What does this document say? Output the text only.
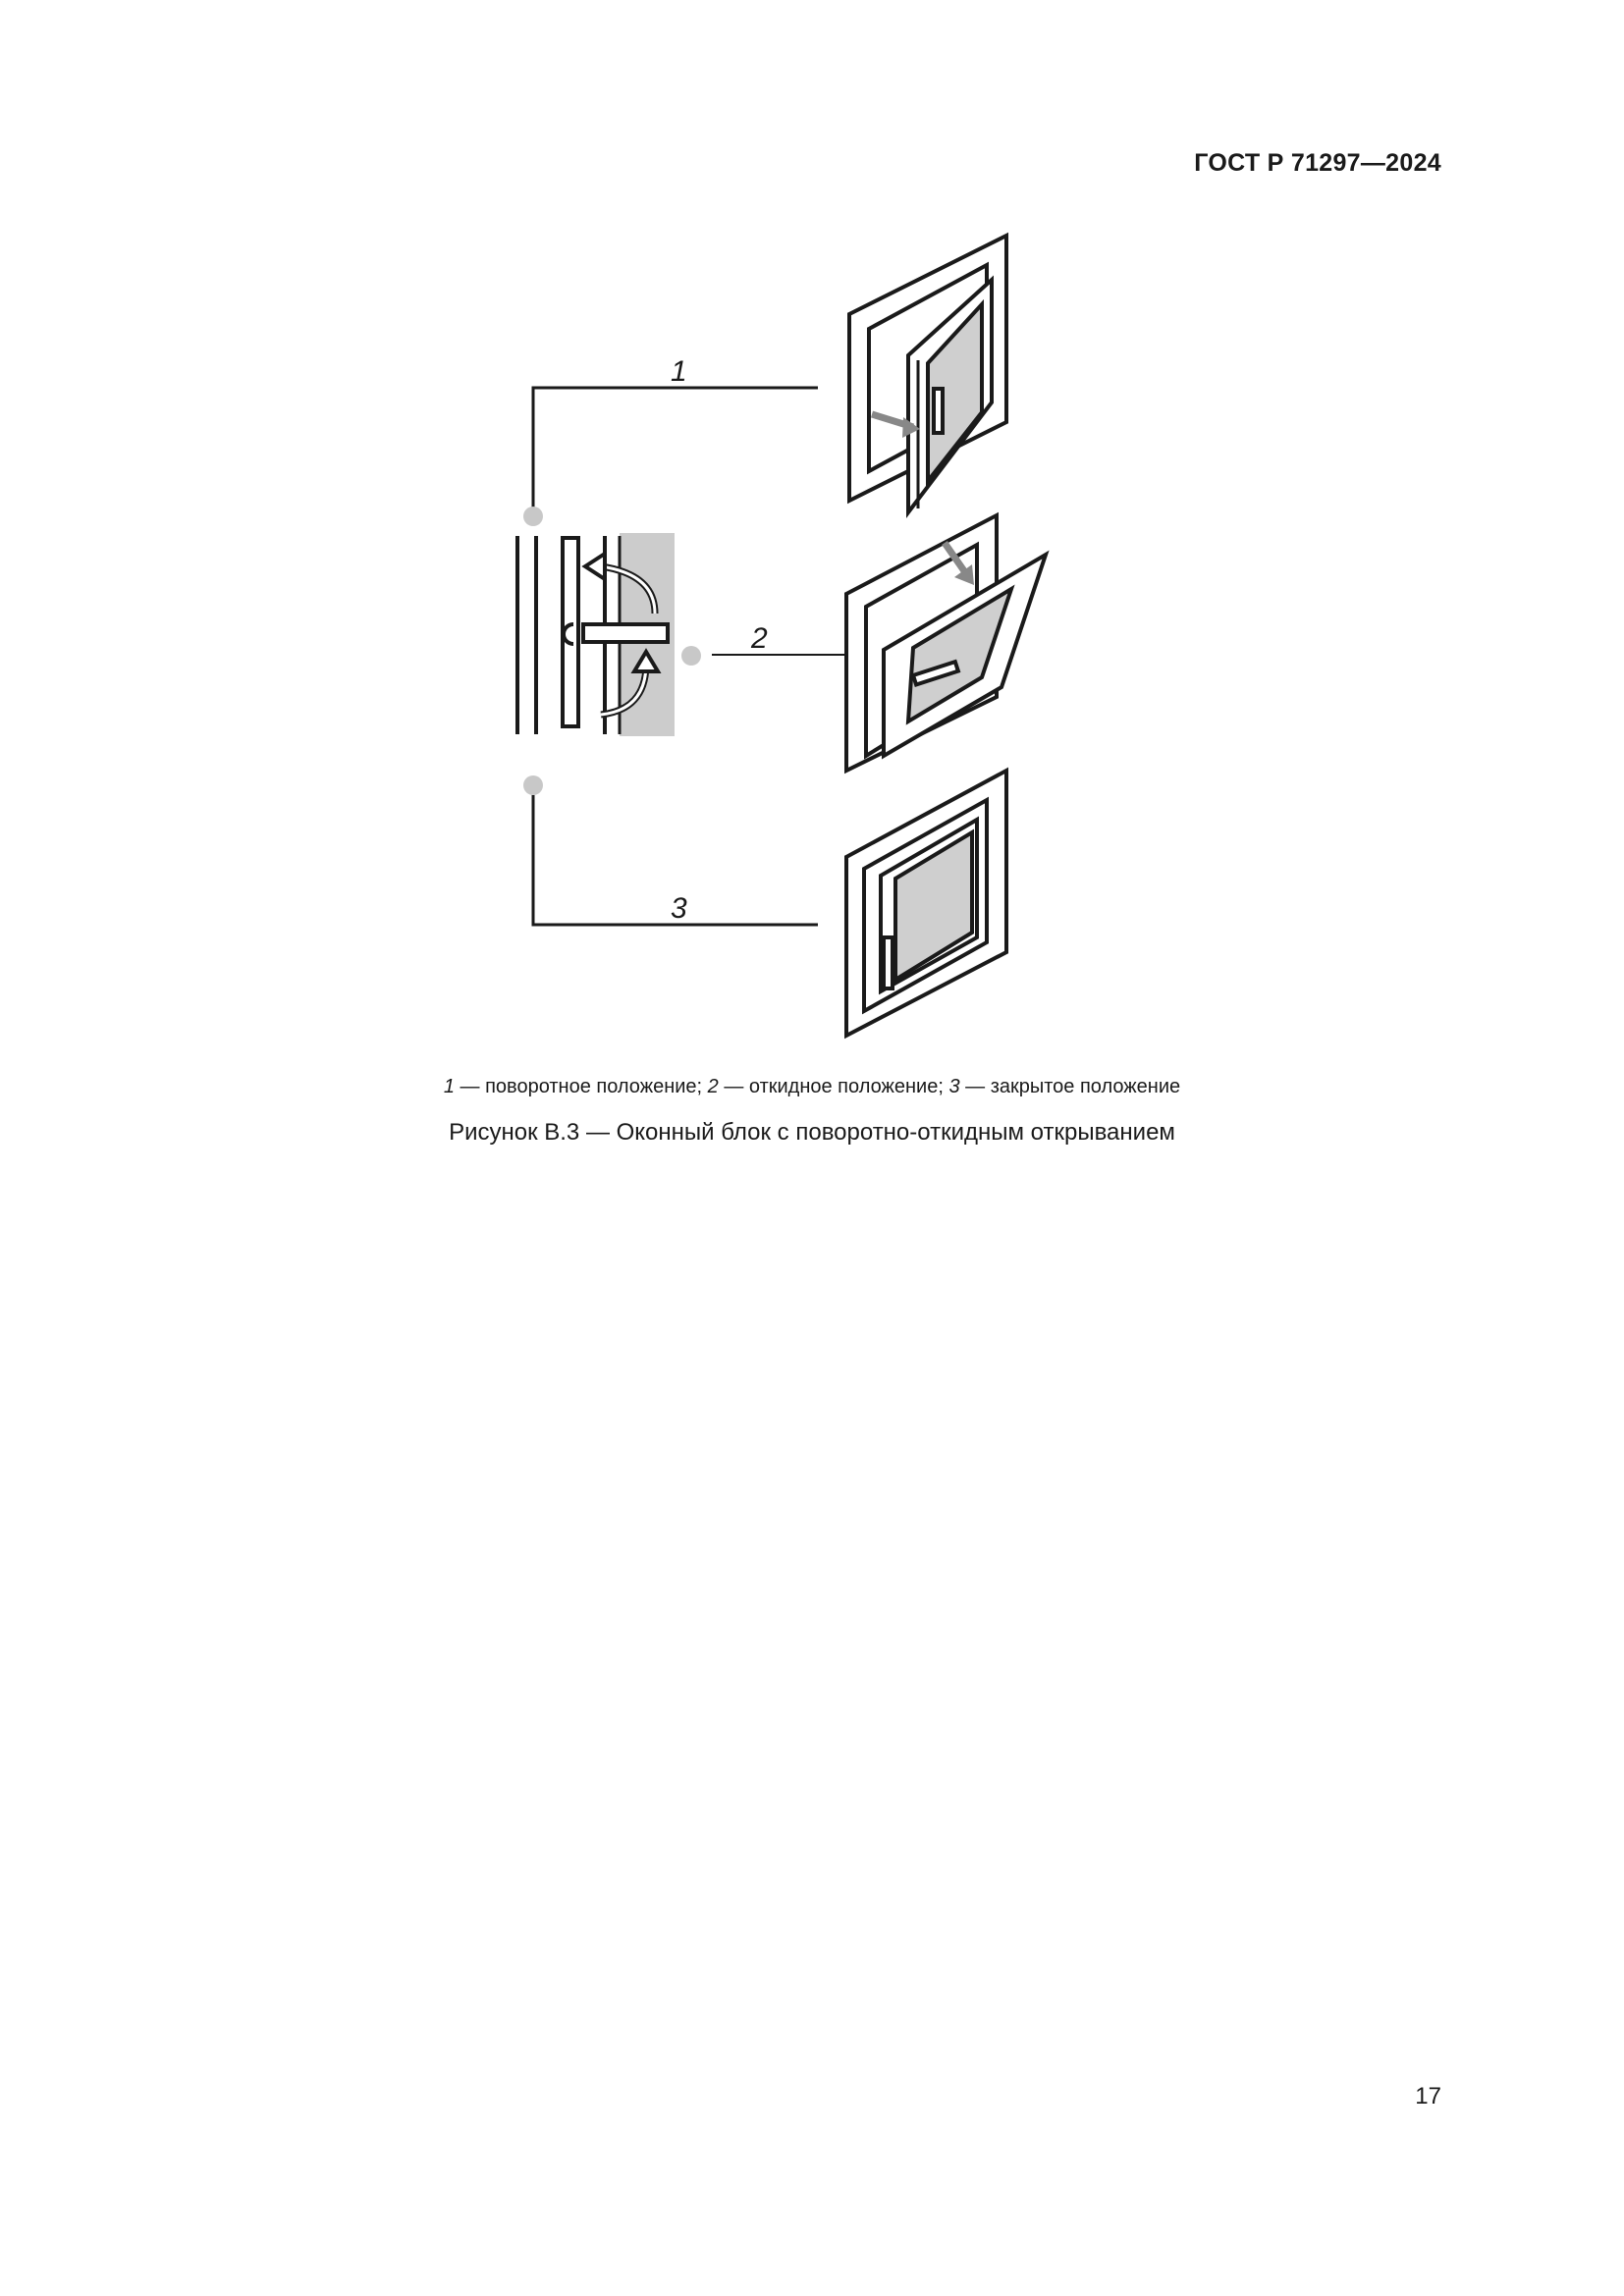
ГОСТ Р 71297—2024
1
2
3
1 — поворотное положение; 2 — откидное положение; 3 — закрытое положение
Рисунок В.3 — Оконный блок с поворотно-откидным открыванием
17
